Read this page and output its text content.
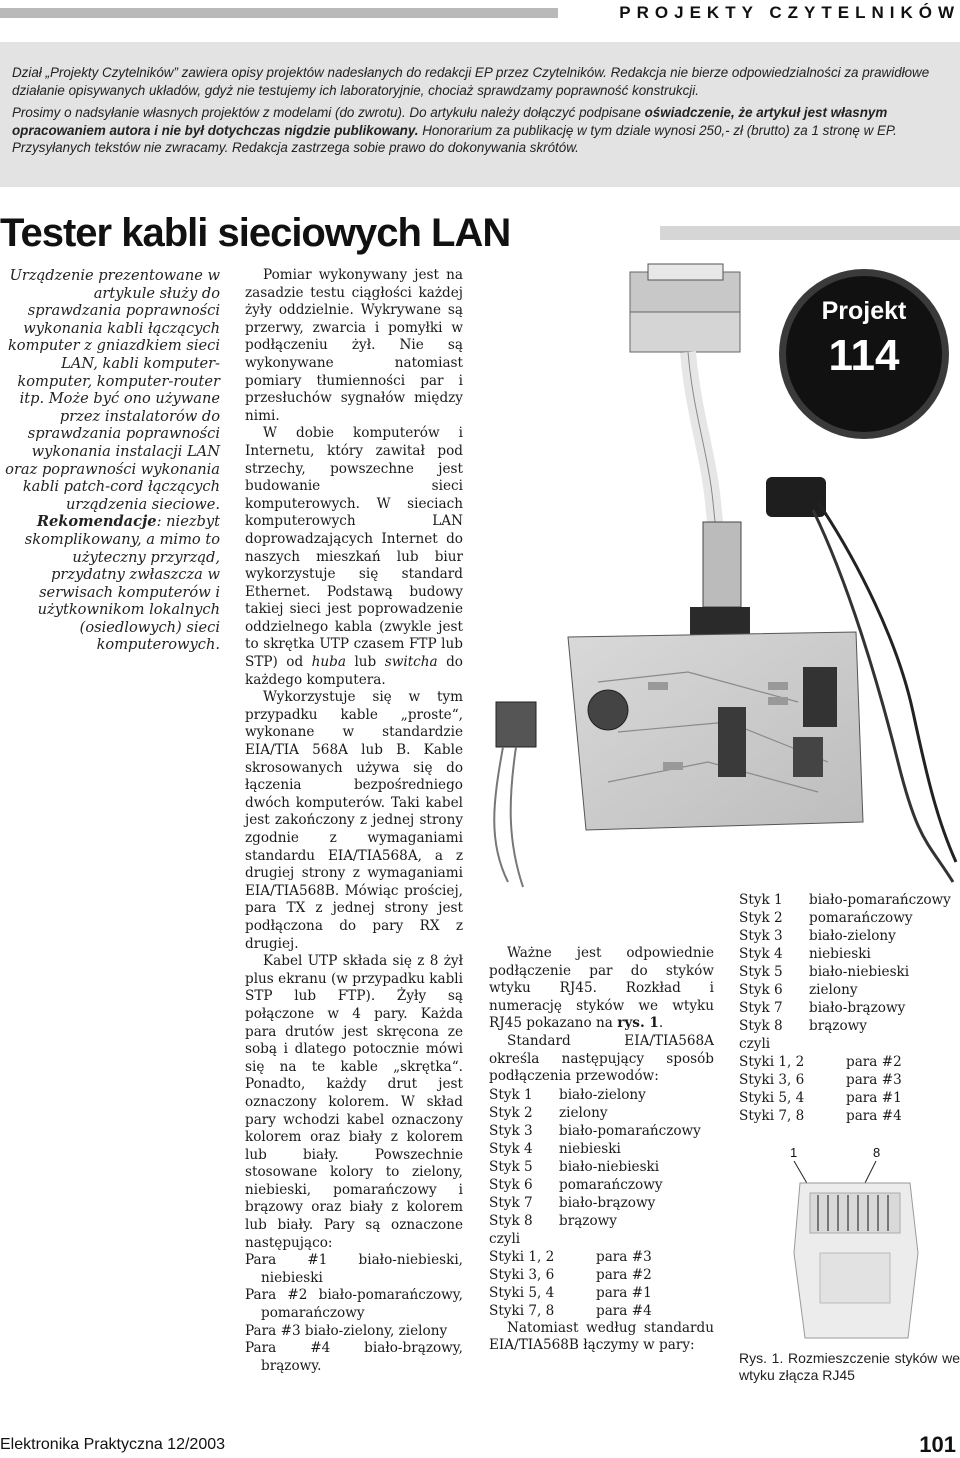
PROJEKTY CZYTELNIKÓW

Dział „Projekty Czytelników” zawiera opisy projektów nadesłanych do redakcji EP przez Czytelników. Redakcja nie bierze odpowiedzialności za prawidłowe działanie opisywanych układów, gdyż nie testujemy ich laboratoryjnie, chociaż sprawdzamy poprawność konstrukcji.

Prosimy o nadsyłanie własnych projektów z modelami (do zwrotu). Do artykułu należy dołączyć podpisane oświadczenie, że artykuł jest własnym opracowaniem autora i nie był dotychczas nigdzie publikowany. Honorarium za publikację w tym dziale wynosi 250,- zł (brutto) za 1 stronę w EP. Przysyłanych tekstów nie zwracamy. Redakcja zastrzega sobie prawo do dokonywania skrótów.

Tester kabli sieciowych LAN
Urządzenie prezentowane w artykule służy do sprawdzania poprawności wykonania kabli łączących komputer z gniazdkiem sieci LAN, kabli komputer-komputer, komputer-router itp. Może być ono używane przez instalatorów do sprawdzania poprawności wykonania instalacji LAN oraz poprawności wykonania kabli patch-cord łączących urządzenia sieciowe. Rekomendacje: niezbyt skomplikowany, a mimo to użyteczny przyrząd, przydatny zwłaszcza w serwisach komputerów i użytkownikom lokalnych (osiedlowych) sieci komputerowych.

Pomiar wykonywany jest na zasadzie testu ciągłości każdej żyły oddzielnie. Wykrywane są przerwy, zwarcia i pomyłki w podłączeniu żył. Nie są wykonywane natomiast pomiary tłumienności par i przesłuchów sygnałów między nimi.

W dobie komputerów i Internetu, który zawitał pod strzechy, powszechne jest budowanie sieci komputerowych. W sieciach komputerowych LAN doprowadzających Internet do naszych mieszkań lub biur wykorzystuje się standard Ethernet. Podstawą budowy takiej sieci jest poprowadzenie oddzielnego kabla (zwykle jest to skrętka UTP czasem FTP lub STP) od huba lub switcha do każdego komputera.

Wykorzystuje się w tym przypadku kable „proste“, wykonane w standardzie EIA/TIA 568A lub B. Kable skrosowanych używa się do łączenia bezpośredniego dwóch komputerów. Taki kabel jest zakończony z jednej strony zgodnie z wymaganiami standardu EIA/TIA568A, a z drugiej strony z wymaganiami EIA/TIA568B. Mówiąc prościej, para TX z jednej strony jest podłączona do pary RX z drugiej.

Kabel UTP składa się z 8 żył plus ekranu (w przypadku kabli STP lub FTP). Żyły są połączone w 4 pary. Każda para drutów jest skręcona ze sobą i dlatego potocznie mówi się na te kable „skrętka“. Ponadto, każdy drut jest oznaczony kolorem. W skład pary wchodzi kabel oznaczony kolorem oraz biały z kolorem lub biały. Powszechnie stosowane kolory to zielony, niebieski, pomarańczowy i brązowy oraz biały z kolorem lub biały. Pary są oznaczone następująco:

Para #1 biało-niebieski, niebieski

Para #2 biało-pomarańczowy, pomarańczowy

Para #3 biało-zielony, zielony

Para #4 biało-brązowy, brązowy.

Projekt
114

Ważne jest odpowiednie podłączenie par do styków wtyku RJ45. Rozkład i numerację styków we wtyku RJ45 pokazano na rys. 1.

Standard EIA/TIA568A określa następujący sposób podłączenia przewodów:

Styk 1	biało-zielony
Styk 2	zielony
Styk 3	biało-pomarańczowy
Styk 4	niebieski
Styk 5	biało-niebieski
Styk 6	pomarańczowy
Styk 7	biało-brązowy
Styk 8	brązowy
czyli
Styki 1, 2	para #3
Styki 3, 6	para #2
Styki 5, 4	para #1
Styki 7, 8	para #4

Natomiast według standardu EIA/TIA568B łączymy w pary:

Styk 1	biało-pomarańczowy
Styk 2	pomarańczowy
Styk 3	biało-zielony
Styk 4	niebieski
Styk 5	biało-niebieski
Styk 6	zielony
Styk 7	biało-brązowy
Styk 8	brązowy
czyli
Styki 1, 2	para #2
Styki 3, 6	para #3
Styki 5, 4	para #1
Styki 7, 8	para #4
1	8
Rys. 1. Rozmieszczenie styków we wtyku złącza RJ45
Elektronika Praktyczna 12/2003	101
